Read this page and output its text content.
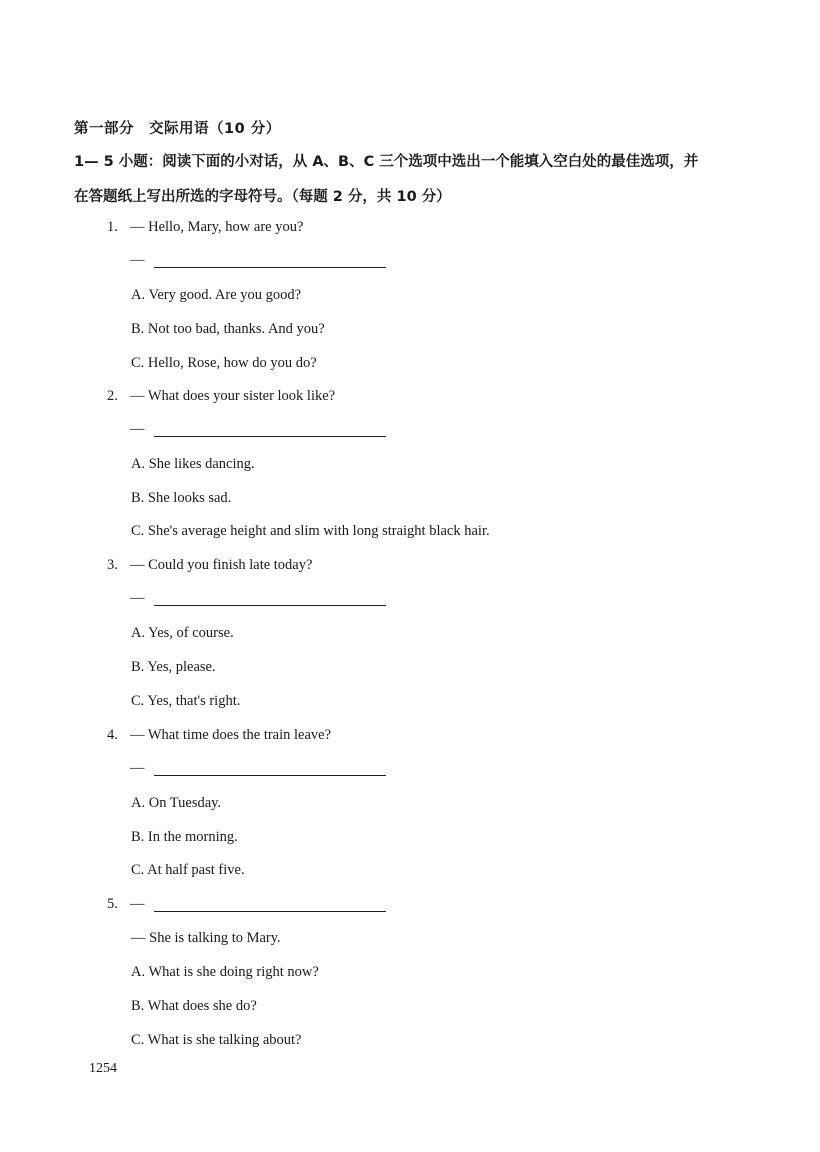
第一部分　交际用语（10 分）
1— 5 小题：阅读下面的小对话，从 A、B、C 三个选项中选出一个能填入空白处的最佳选项，并
在答题纸上写出所选的字母符号。（每题 2 分，共 10 分）
1. — Hello, Mary, how are you?
—
A. Very good. Are you good?
B. Not too bad, thanks. And you?
C. Hello, Rose, how do you do?
2. — What does your sister look like?
—
A. She likes dancing.
B. She looks sad.
C. She's average height and slim with long straight black hair.
3. — Could you finish late today?
—
A. Yes, of course.
B. Yes, please.
C. Yes, that's right.
4. — What time does the train leave?
—
A. On Tuesday.
B. In the morning.
C. At half past five.
5. —
— She is talking to Mary.
A. What is she doing right now?
B. What does she do?
C. What is she talking about?
1254
